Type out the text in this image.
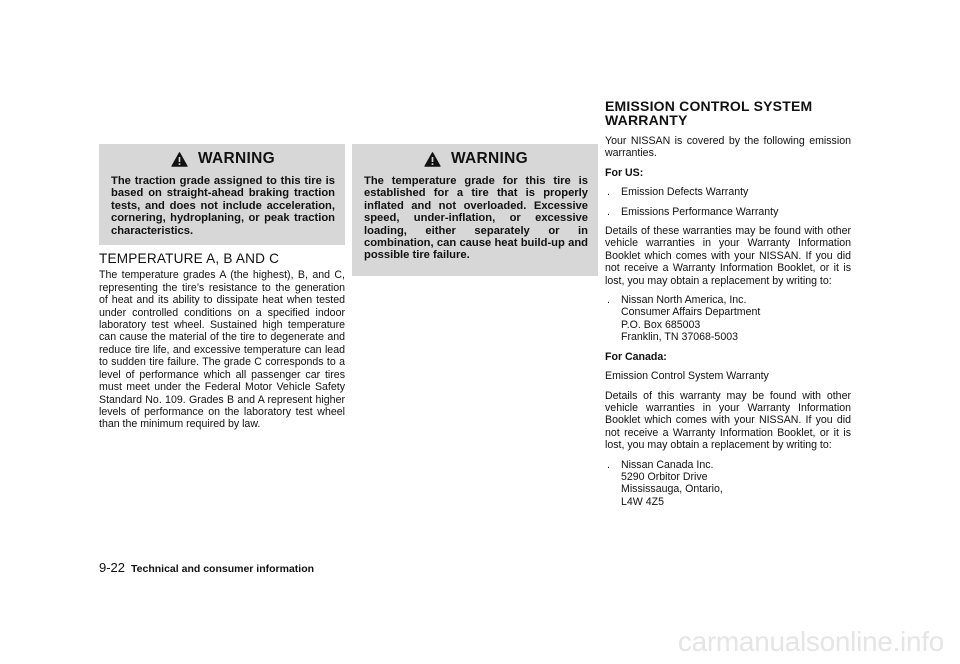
WARNING
The traction grade assigned to this tire is based on straight-ahead braking traction tests, and does not include acceleration, cornering, hydroplaning, or peak traction characteristics.
TEMPERATURE A, B AND C

The temperature grades A (the highest), B, and C, representing the tire’s resistance to the generation of heat and its ability to dissipate heat when tested under controlled conditions on a specified indoor laboratory test wheel. Sustained high temperature can cause the material of the tire to degenerate and reduce tire life, and excessive temperature can lead to sudden tire failure. The grade C corresponds to a level of performance which all passenger car tires must meet under the Federal Motor Vehicle Safety Standard No. 109. Grades B and A represent higher levels of performance on the laboratory test wheel than the minimum required by law.

WARNING
The temperature grade for this tire is established for a tire that is properly inflated and not overloaded. Excessive speed, under-inflation, or excessive loading, either separately or in combination, can cause heat build-up and possible tire failure.
EMISSION CONTROL SYSTEM
WARRANTY

Your NISSAN is covered by the following emission warranties.

For US:

. Emission Defects Warranty
. Emissions Performance Warranty

Details of these warranties may be found with other vehicle warranties in your Warranty Information Booklet which comes with your NISSAN. If you did not receive a Warranty Information Booklet, or it is lost, you may obtain a replacement by writing to:

. Nissan North America, Inc.
Consumer Affairs Department
P.O. Box 685003
Franklin, TN 37068-5003

For Canada:

Emission Control System Warranty

Details of this warranty may be found with other vehicle warranties in your Warranty Information Booklet which comes with your NISSAN. If you did not receive a Warranty Information Booklet, or it is lost, you may obtain a replacement by writing to:

. Nissan Canada Inc.
5290 Orbitor Drive
Mississauga, Ontario,
L4W 4Z5
9-22 Technical and consumer information
carmanualsonline.info
